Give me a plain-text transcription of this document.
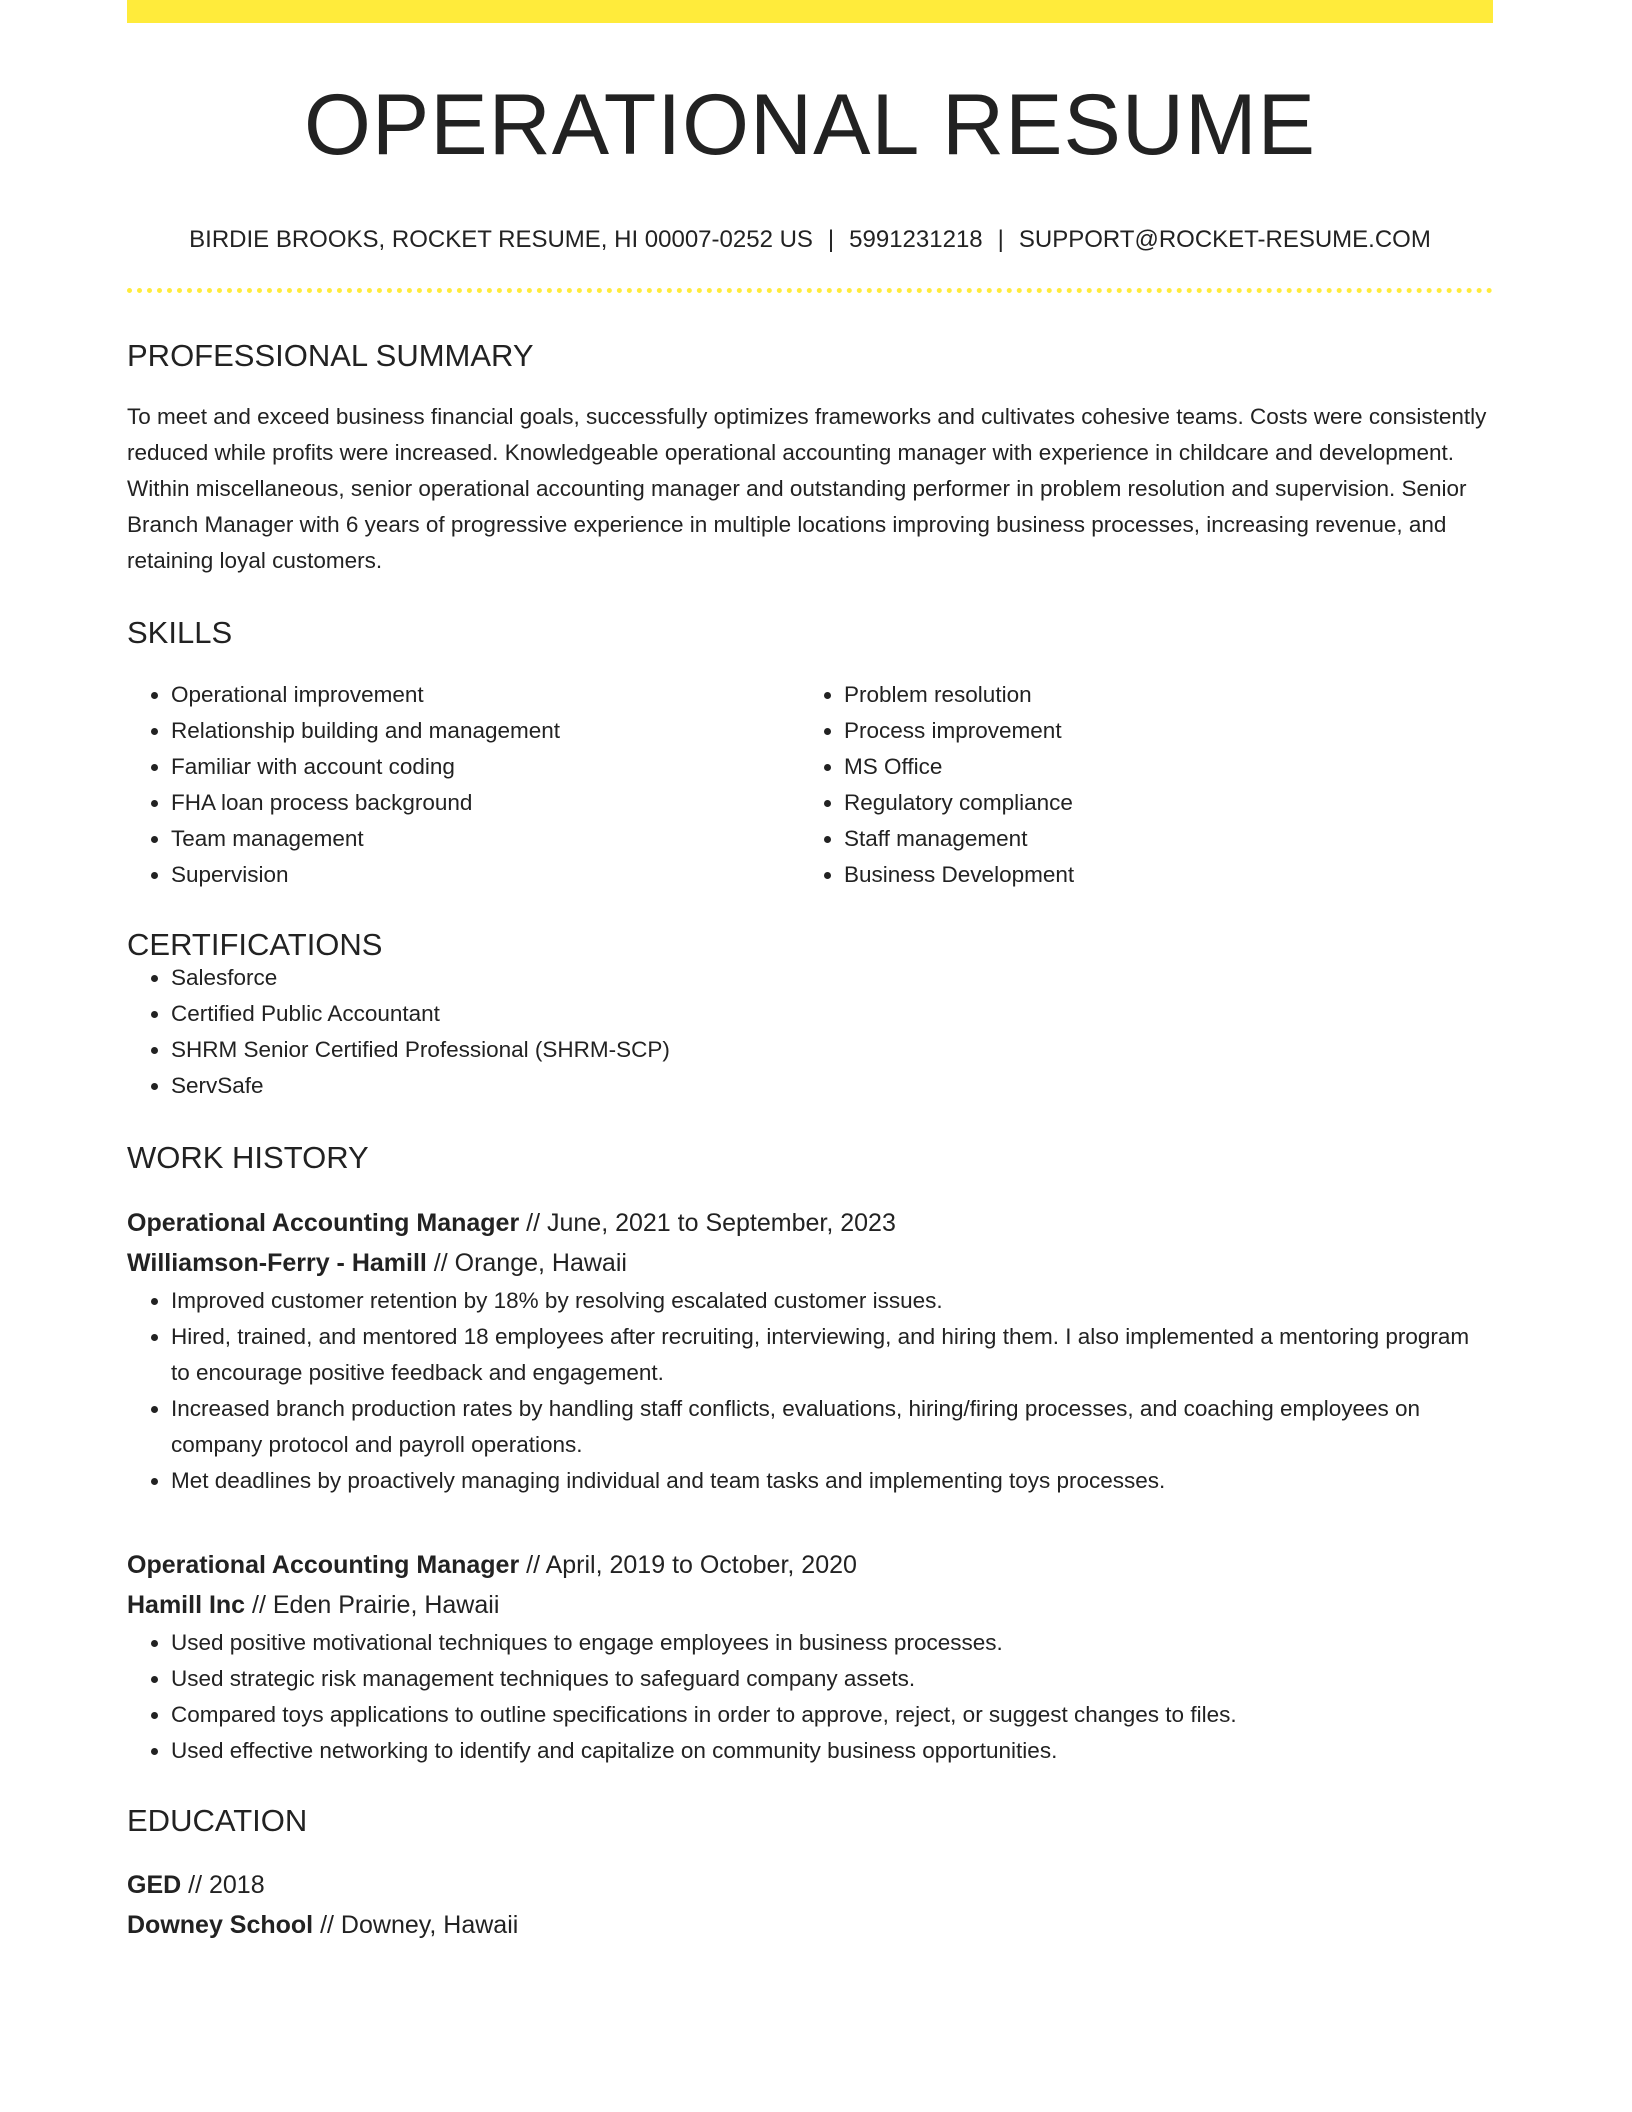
OPERATIONAL RESUME
BIRDIE BROOKS, ROCKET RESUME, HI 00007-0252 US | 5991231218 | SUPPORT@ROCKET-RESUME.COM
PROFESSIONAL SUMMARY

To meet and exceed business financial goals, successfully optimizes frameworks and cultivates cohesive teams. Costs were consistently reduced while profits were increased. Knowledgeable operational accounting manager with experience in childcare and development. Within miscellaneous, senior operational accounting manager and outstanding performer in problem resolution and supervision. Senior Branch Manager with 6 years of progressive experience in multiple locations improving business processes, increasing revenue, and retaining loyal customers.

SKILLS
• Operational improvement
• Relationship building and management
• Familiar with account coding
• FHA loan process background
• Team management
• Supervision
• Problem resolution
• Process improvement
• MS Office
• Regulatory compliance
• Staff management
• Business Development
CERTIFICATIONS
• Salesforce
• Certified Public Accountant
• SHRM Senior Certified Professional (SHRM-SCP)
• ServSafe
WORK HISTORY
Operational Accounting Manager // June, 2021 to September, 2023
Williamson-Ferry - Hamill // Orange, Hawaii
• Improved customer retention by 18% by resolving escalated customer issues.
• Hired, trained, and mentored 18 employees after recruiting, interviewing, and hiring them. I also implemented a mentoring program to encourage positive feedback and engagement.
• Increased branch production rates by handling staff conflicts, evaluations, hiring/firing processes, and coaching employees on company protocol and payroll operations.
• Met deadlines by proactively managing individual and team tasks and implementing toys processes.
Operational Accounting Manager // April, 2019 to October, 2020
Hamill Inc // Eden Prairie, Hawaii
• Used positive motivational techniques to engage employees in business processes.
• Used strategic risk management techniques to safeguard company assets.
• Compared toys applications to outline specifications in order to approve, reject, or suggest changes to files.
• Used effective networking to identify and capitalize on community business opportunities.
EDUCATION
GED // 2018
Downey School // Downey, Hawaii
